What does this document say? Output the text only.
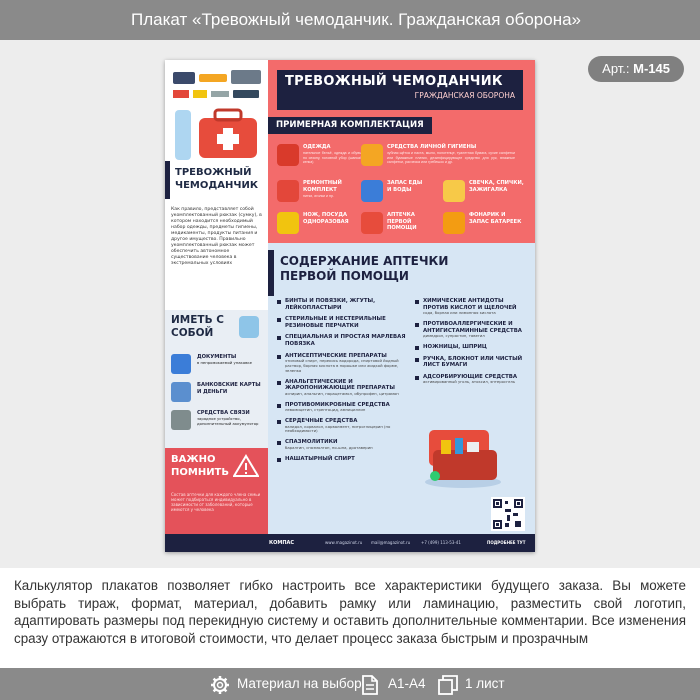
Плакат «Тревожный чемоданчик. Гражданская оборона»
Арт.: М-145
ТРЕВОЖНЫЙ ЧЕМОДАНЧИК
Как правило, представляет собой укомплектованный рюкзак (сумку), в котором находится необходимый набор одежды, предметы гигиены, медикаменты, продукты питания и другое имущество. Правильно укомплектованный рюкзак может обеспечить автономное существование человека в экстремальных условиях
ИМЕТЬ С СОБОЙ
ДОКУМЕНТЫ
в непромокаемой упаковке
БАНКОВСКИЕ КАРТЫ И ДЕНЬГИ
СРЕДСТВА СВЯЗИ
зарядное устройство, дополнительный аккумулятор
ВАЖНО ПОМНИТЬ
Состав аптечки для каждого члена семьи может подбираться индивидуально в зависимости от заболеваний, которые имеются у человека
ТРЕВОЖНЫЙ ЧЕМОДАНЧИК
ГРАЖДАНСКАЯ ОБОРОНА
ПРИМЕРНАЯ КОМПЛЕКТАЦИЯ
ОДЕЖДА
нательное бельё, одежда и обувь по сезону, головной убор (шапка/кепка)
СРЕДСТВА ЛИЧНОЙ ГИГИЕНЫ
зубная щётка и паста, мыло, полотенце, туалетная бумага, сухие салфетки или бумажные платки, дезинфицирующее средство для рук, влажные салфетки, расческа или гребешок и др.
РЕМОНТНЫЙ КОМПЛЕКТ
нитки, иголки и пр.
ЗАПАС ЕДЫ И ВОДЫ
СВЕЧКА, СПИЧКИ, ЗАЖИГАЛКА
НОЖ, ПОСУДА ОДНОРАЗОВАЯ
АПТЕЧКА ПЕРВОЙ ПОМОЩИ
ФОНАРИК И ЗАПАС БАТАРЕЕК
СОДЕРЖАНИЕ АПТЕЧКИ ПЕРВОЙ ПОМОЩИ
БИНТЫ И ПОВЯЗКИ, ЖГУТЫ, ЛЕЙКОПЛАСТЫРИ
СТЕРИЛЬНЫЕ И НЕСТЕРИЛЬНЫЕ РЕЗИНОВЫЕ ПЕРЧАТКИ
СПЕЦИАЛЬНАЯ И ПРОСТАЯ МАРЛЕВАЯ ПОВЯЗКА
АНТИСЕПТИЧЕСКИЕ ПРЕПАРАТЫ
этиловый спирт, перекись водорода, спиртовой йодный раствор, борная кислота в порошке или жидкой форме, зеленка
АНАЛЬГЕТИЧЕСКИЕ И ЖАРОПОНИЖАЮЩИЕ ПРЕПАРАТЫ
аспирин, анальгин, парацетамол, ибупрофен, цитрамон
ПРОТИВОМИКРОБНЫЕ СРЕДСТВА
левомицетин, стрептоцид, ампициллин
СЕРДЕЧНЫЕ СРЕДСТВА
валидол, корвалол, карвалмент, нитроглицерин (по необходимости)
СПАЗМОЛИТИКИ
баралгин, спазмолгон, но-шпа, дротаверин
НАШАТЫРНЫЙ СПИРТ
ХИМИЧЕСКИЕ АНТИДОТЫ ПРОТИВ КИСЛОТ И ЩЕЛОЧЕЙ
сода, борная или лимонная кислота
ПРОТИВОАЛЛЕРГИЧЕСКИЕ И АНТИГИСТАМИННЫЕ СРЕДСТВА
димедрол, супрастин, тавегил
НОЖНИЦЫ, ШПРИЦ
РУЧКА, БЛОКНОТ ИЛИ ЧИСТЫЙ ЛИСТ БУМАГИ
АДСОРБИРУЮЩИЕ СРЕДСТВА
активированный уголь, атоксил, энтеросгель
КОМПАС	www.magazinot.ru mail@magazinot.ru	+7 (499) 113-53-41	ПОДРОБНЕЕ ТУТ
Калькулятор плакатов позволяет гибко настроить все характеристики будущего заказа. Вы можете выбрать тираж, формат, материал, добавить рамку или ламинацию, разместить свой логотип, адаптировать размеры под перекидную систему и оставить дополнительные комментарии. Все изменения сразу отражаются в итоговой стоимости, что делает процесс заказа быстрым и прозрачным
Материал на выбор А1-А4	1 лист
